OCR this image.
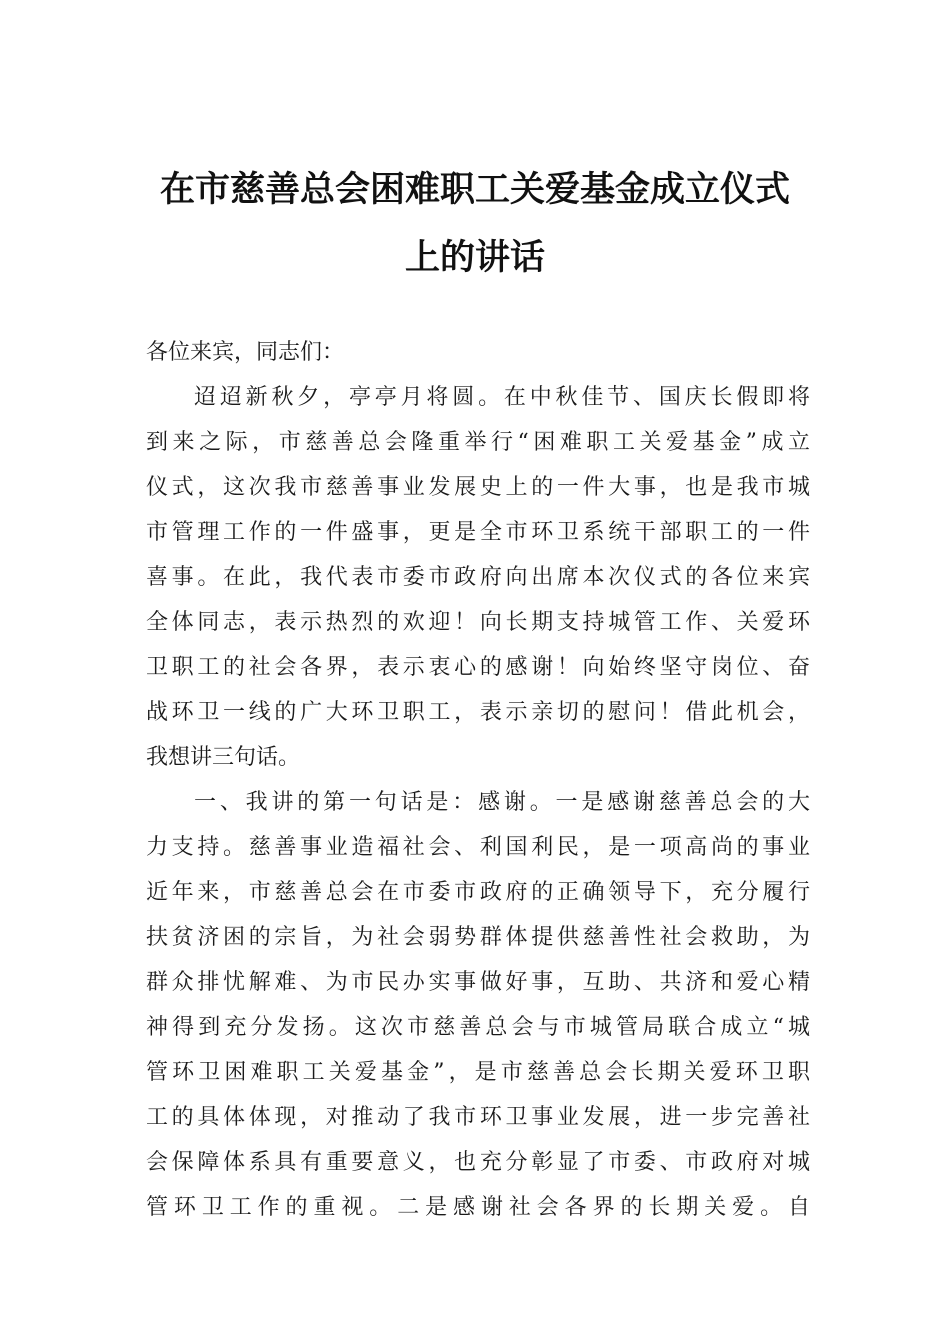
在市慈善总会困难职工关爱基金成立仪式
上的讲话
各位来宾，同志们：
迢迢新秋夕，亭亭月将圆。在中秋佳节、国庆长假即将
到来之际，市慈善总会隆重举行“困难职工关爱基金”成立
仪式，这次我市慈善事业发展史上的一件大事，也是我市城
市管理工作的一件盛事，更是全市环卫系统干部职工的一件
喜事。在此，我代表市委市政府向出席本次仪式的各位来宾
全体同志，表示热烈的欢迎！向长期支持城管工作、关爱环
卫职工的社会各界，表示衷心的感谢！向始终坚守岗位、奋
战环卫一线的广大环卫职工，表示亲切的慰问！借此机会，
我想讲三句话。
一、我讲的第一句话是：感谢。一是感谢慈善总会的大
力支持。慈善事业造福社会、利国利民，是一项高尚的事业
近年来，市慈善总会在市委市政府的正确领导下，充分履行
扶贫济困的宗旨，为社会弱势群体提供慈善性社会救助，为
群众排忧解难、为市民办实事做好事，互助、共济和爱心精
神得到充分发扬。这次市慈善总会与市城管局联合成立“城
管环卫困难职工关爱基金”，是市慈善总会长期关爱环卫职
工的具体体现，对推动了我市环卫事业发展，进一步完善社
会保障体系具有重要意义，也充分彰显了市委、市政府对城
管环卫工作的重视。二是感谢社会各界的长期关爱。自
